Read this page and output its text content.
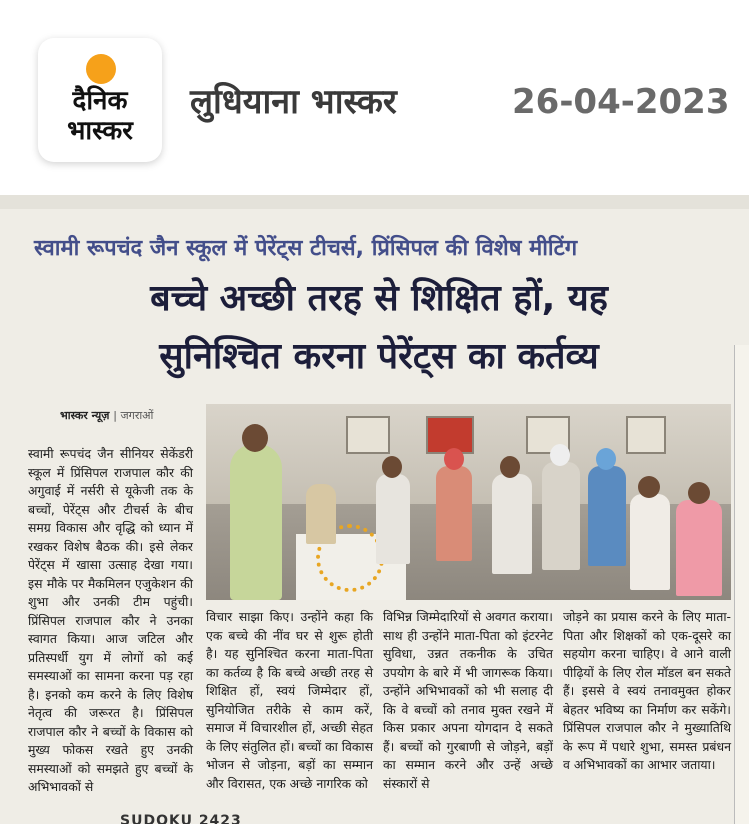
दैनिक
भास्कर
लुधियाना भास्कर	26-04-2023
स्वामी रूपचंद जैन स्कूल में पेरेंट्स टीचर्स, प्रिंसिपल की विशेष मीटिंग
बच्चे अच्छी तरह से शिक्षित हों, यह
सुनिश्चित करना पेरेंट्स का कर्तव्य
भास्कर न्यूज़ | जगराओं
स्वामी रूपचंद जैन सीनियर सेकेंडरी स्कूल में प्रिंसिपल राजपाल कौर की अगुवाई में नर्सरी से यूकेजी तक के बच्चों, पेरेंट्स और टीचर्स के बीच समग्र विकास और वृद्धि को ध्यान में रखकर विशेष बैठक की। इसे लेकर पेरेंट्स में खासा उत्साह देखा गया। इस मौके पर मैकमिलन एजुकेशन की शुभा और उनकी टीम पहुंची। प्रिंसिपल राजपाल कौर ने उनका स्वागत किया। आज जटिल और प्रतिस्पर्धी युग में लोगों को कई समस्याओं का सामना करना पड़ रहा है। इनको कम करने के लिए विशेष नेतृत्व की जरूरत है। प्रिंसिपल राजपाल कौर ने बच्चों के विकास को मुख्य फोकस रखते हुए उनकी समस्याओं को समझते हुए बच्चों के अभिभावकों से
विचार साझा किए। उन्होंने कहा कि एक बच्चे की नींव घर से शुरू होती है। यह सुनिश्चित करना माता-पिता का कर्तव्य है कि बच्चे अच्छी तरह से शिक्षित हों, स्वयं जिम्मेदार हों, सुनियोजित तरीके से काम करें, समाज में विचारशील हों, अच्छी सेहत के लिए संतुलित हों। बच्चों का विकास भोजन से जोड़ना, बड़ों का सम्मान और विरासत, एक अच्छे नागरिक को
विभिन्न जिम्मेदारियों से अवगत कराया। साथ ही उन्होंने माता-पिता को इंटरनेट सुविधा, उन्नत तकनीक के उचित उपयोग के बारे में भी जागरूक किया। उन्होंने अभिभावकों को भी सलाह दी कि वे बच्चों को तनाव मुक्त रखने में किस प्रकार अपना योगदान दे सकते हैं। बच्चों को गुरबाणी से जोड़ने, बड़ों का सम्मान करने और उन्हें अच्छे संस्कारों से
जोड़ने का प्रयास करने के लिए माता-पिता और शिक्षकों को एक-दूसरे का सहयोग करना चाहिए। वे आने वाली पीढ़ियों के लिए रोल मॉडल बन सकते हैं। इससे वे स्वयं तनावमुक्त होकर बेहतर भविष्य का निर्माण कर सकेंगे। प्रिंसिपल राजपाल कौर ने मुख्यातिथि के रूप में पधारे शुभा, समस्त प्रबंधन व अभिभावकों का आभार जताया।
SUDOKU 2423
